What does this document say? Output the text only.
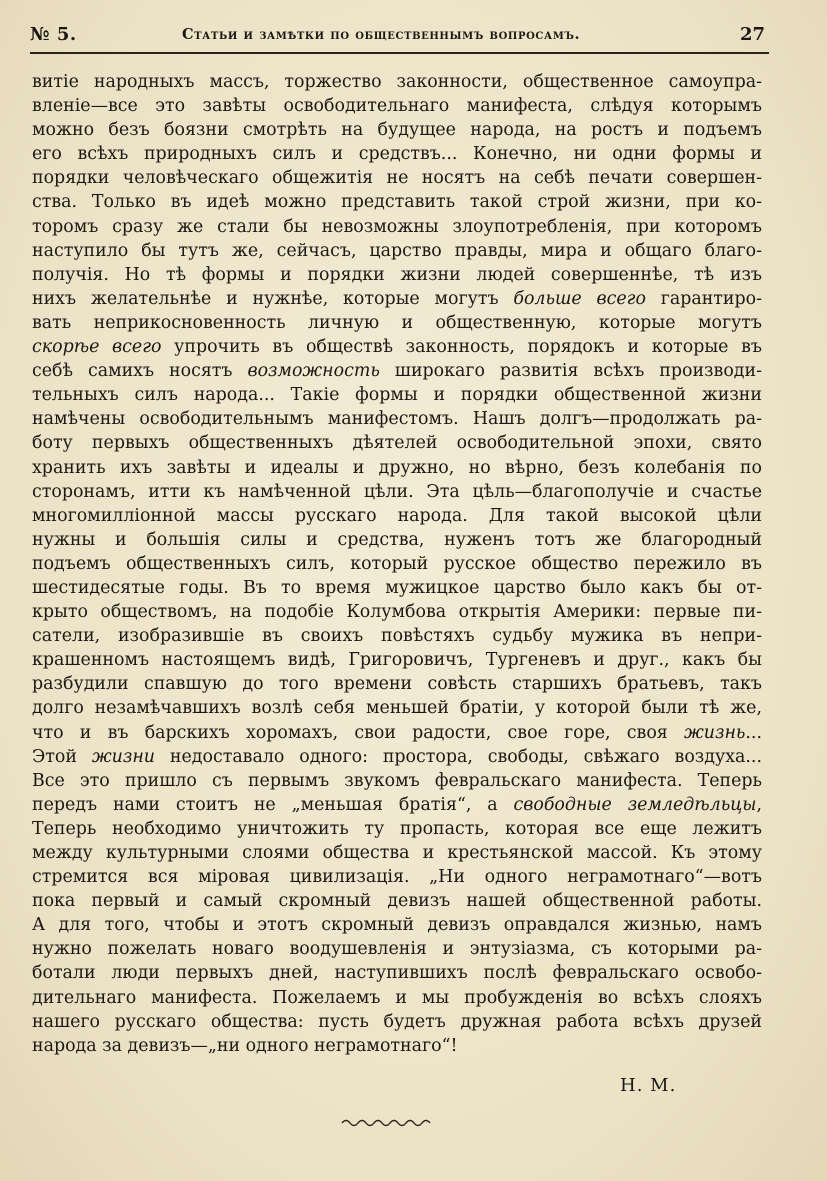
№ 5.	Статьи и замѣтки по общественнымъ вопросамъ.	27
витіе народныхъ массъ, торжество законности, общественное самоупра-
вленіе—все это завѣты освободительнаго манифеста, слѣдуя которымъ
можно безъ боязни смотрѣть на будущее народа, на ростъ и подъемъ
его всѣхъ природныхъ силъ и средствъ... Конечно, ни одни формы и
порядки человѣческаго общежитія не носятъ на себѣ печати совершен-
ства. Только въ идеѣ можно представить такой строй жизни, при ко-
торомъ сразу же стали бы невозможны злоупотребленія, при которомъ
наступило бы тутъ же, сейчасъ, царство правды, мира и общаго благо-
получія. Но тѣ формы и порядки жизни людей совершеннѣе, тѣ изъ
нихъ желательнѣе и нужнѣе, которые могутъ больше всего гарантиро-
вать неприкосновенность личную и общественную, которые могутъ
скорѣе всего упрочить въ обществѣ законность, порядокъ и которые въ
себѣ самихъ носятъ возможность широкаго развитія всѣхъ производи-
тельныхъ силъ народа... Такіе формы и порядки общественной жизни
намѣчены освободительнымъ манифестомъ. Нашъ долгъ—продолжать ра-
боту первыхъ общественныхъ дѣятелей освободительной эпохи, свято
хранить ихъ завѣты и идеалы и дружно, но вѣрно, безъ колебанія по
сторонамъ, итти къ намѣченной цѣли. Эта цѣль—благополучіе и счастье
многомилліонной массы русскаго народа. Для такой высокой цѣли
нужны и большія силы и средства, нуженъ тотъ же благородный
подъемъ общественныхъ силъ, который русское общество пережило въ
шестидесятые годы. Въ то время мужицкое царство было какъ бы от-
крыто обществомъ, на подобіе Колумбова открытія Америки: первые пи-
сатели, изобразившіе въ своихъ повѣстяхъ судьбу мужика въ непри-
крашенномъ настоящемъ видѣ, Григоровичъ, Тургеневъ и друг., какъ бы
разбудили спавшую до того времени совѣсть старшихъ братьевъ, такъ
долго незамѣчавшихъ возлѣ себя меньшей братіи, у которой были тѣ же,
что и въ барскихъ хоромахъ, свои радости, свое горе, своя жизнь...
Этой жизни недоставало одного: простора, свободы, свѣжаго воздуха...
Все это пришло съ первымъ звукомъ февральскаго манифеста. Теперь
передъ нами стоитъ не „меньшая братія“, а свободные земледѣльцы,
Теперь необходимо уничтожить ту пропасть, которая все еще лежитъ
между культурными слоями общества и крестьянской массой. Къ этому
стремится вся міровая цивилизація. „Ни одного неграмотнаго“—вотъ
пока первый и самый скромный девизъ нашей общественной работы.
А для того, чтобы и этотъ скромный девизъ оправдался жизнью, намъ
нужно пожелать новаго воодушевленія и энтузіазма, съ которыми ра-
ботали люди первыхъ дней, наступившихъ послѣ февральскаго освобо-
дительнаго манифеста. Пожелаемъ и мы пробужденія во всѣхъ слояхъ
нашего русскаго общества: пусть будетъ дружная работа всѣхъ друзей
народа за девизъ—„ни одного неграмотнаго“!
Н. М.
